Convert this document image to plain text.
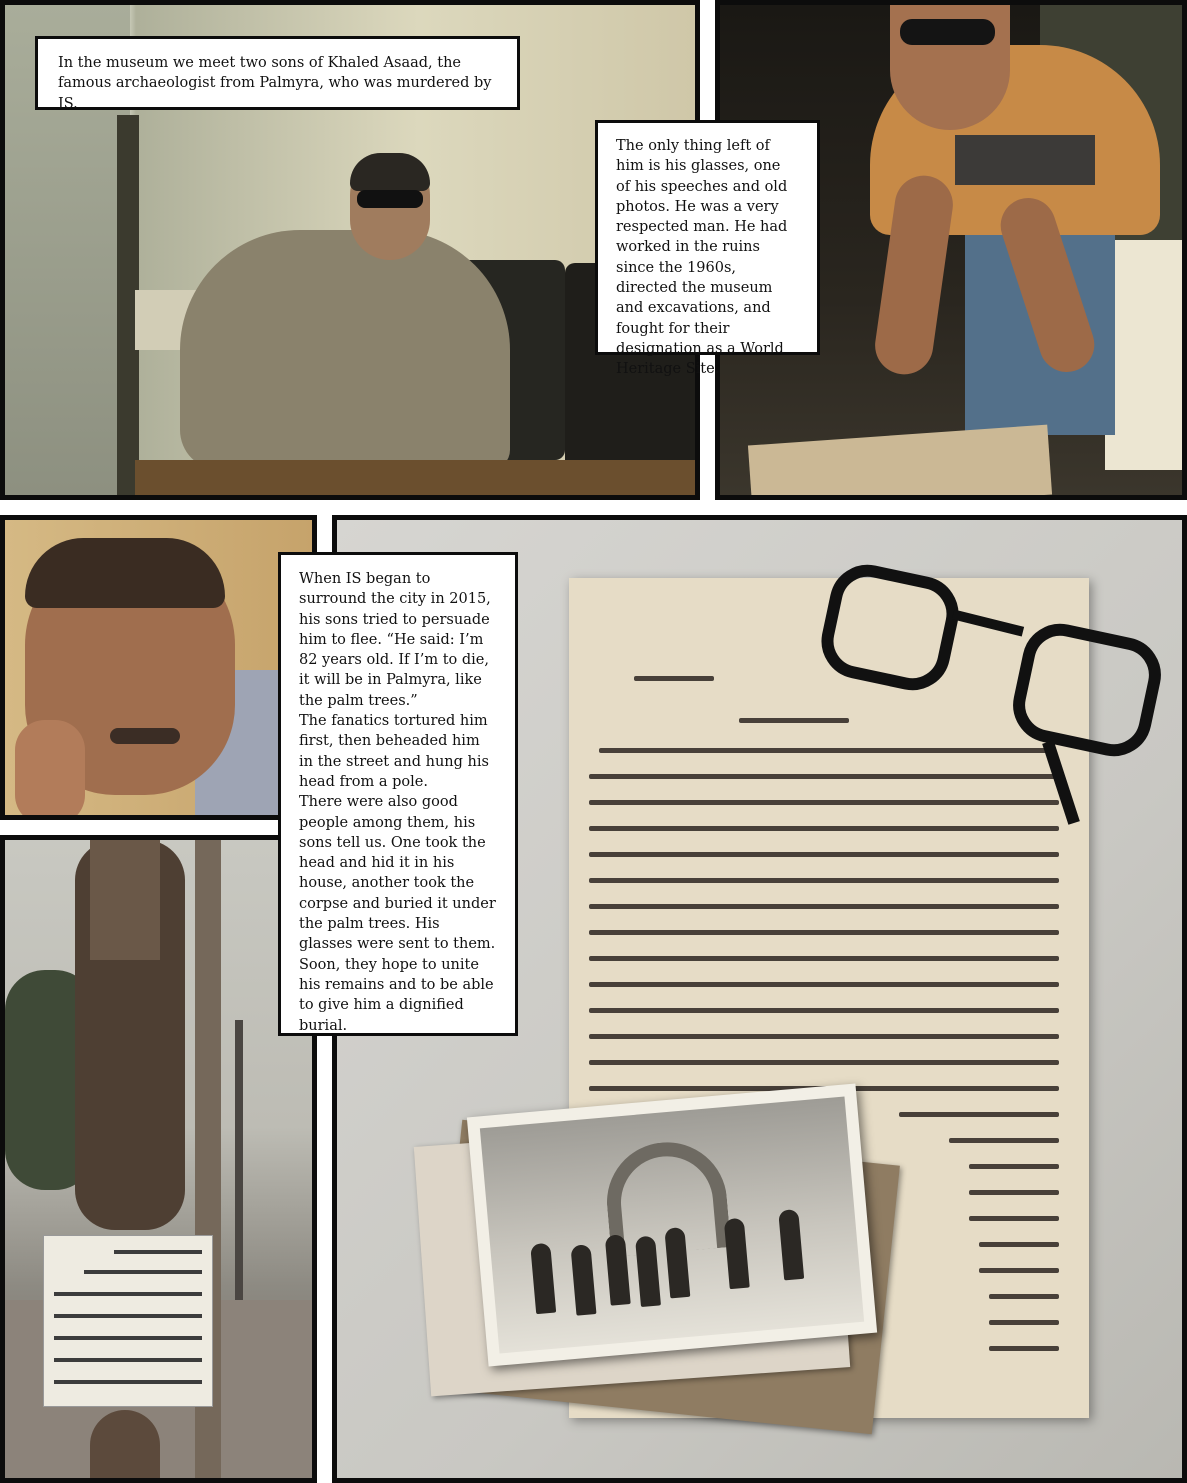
In the museum we meet two sons of Khaled Asaad, the famous archaeologist from Palmyra, who was murdered by IS.

The only thing left of him is his glasses, one of his speeches and old photos. He was a very respected man. He had worked in the ruins since the 1960s, directed the museum and excavations, and fought for their designation as a World Heritage Site.

When IS began to surround the city in 2015, his sons tried to persuade him to flee. “He said: I’m 82 years old. If I’m to die, it will be in Palmyra, like the palm trees.”

The fanatics tortured him first, then beheaded him in the street and hung his head from a pole.

There were also good people among them, his sons tell us. One took the head and hid it in his house, another took the corpse and buried it under the palm trees. His glasses were sent to them. Soon, they hope to unite his remains and to be able to give him a dignified burial.
